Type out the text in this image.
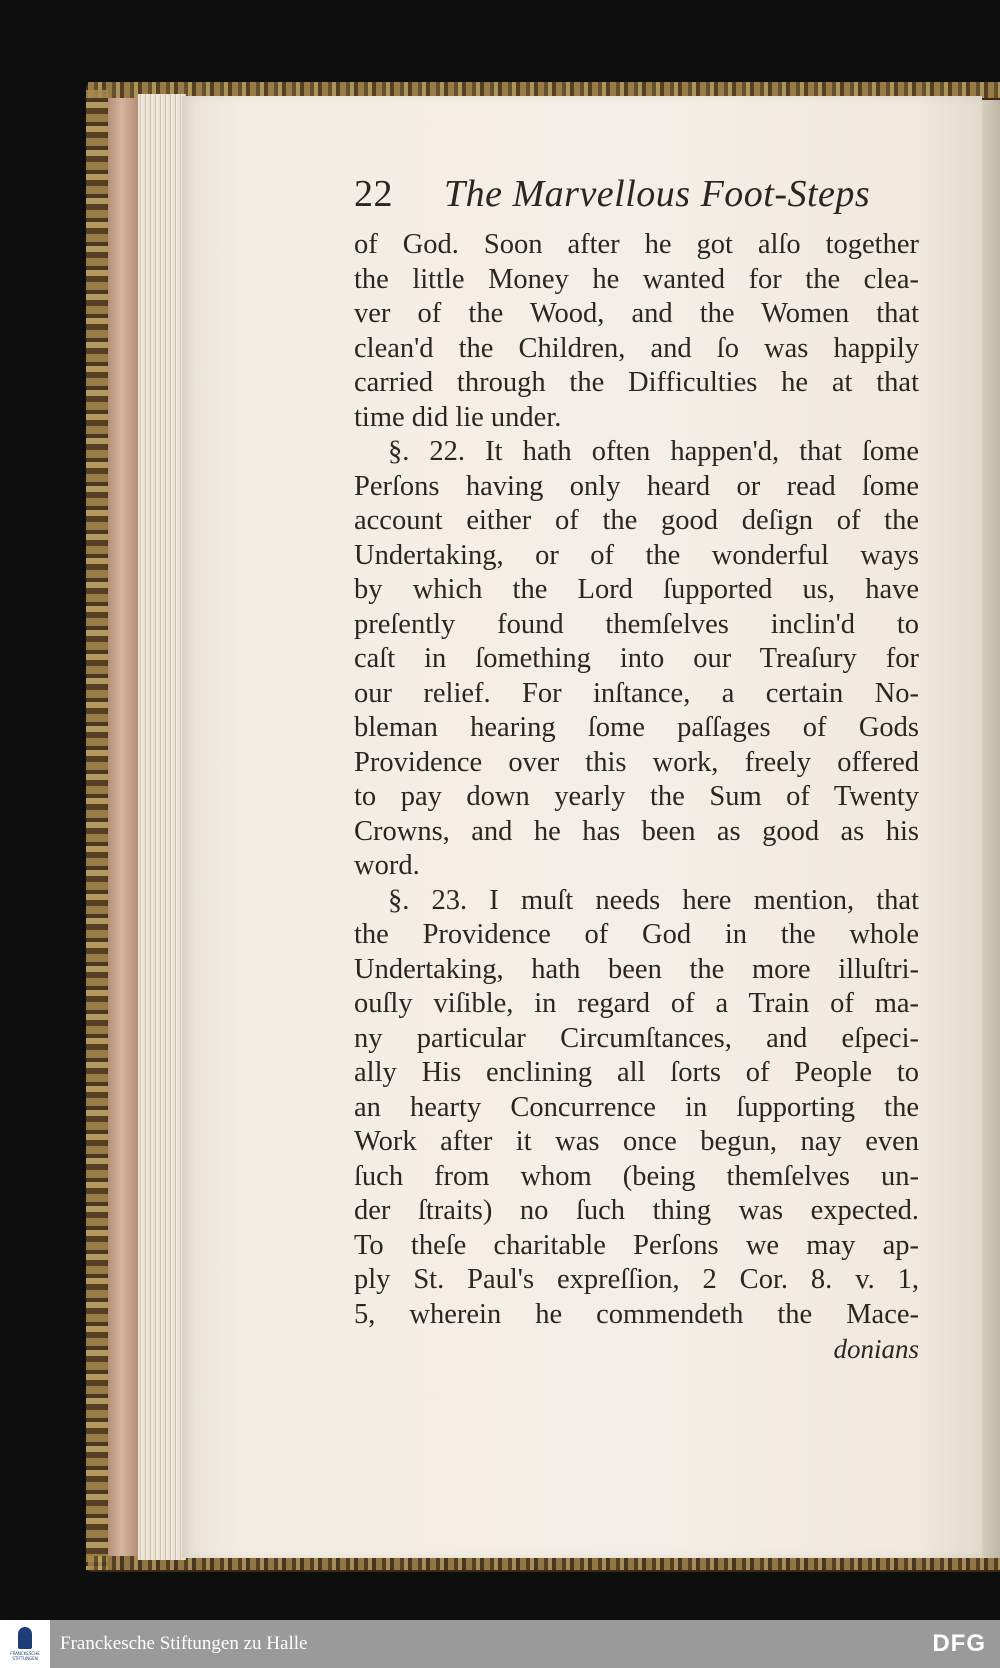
22	The Marvellous Foot-Steps
of God. Soon after he got alſo together
the little Money he wanted for the clea-
ver of the Wood, and the Women that
clean'd the Children, and ſo was happily
carried through the Difficulties he at that
time did lie under.
§. 22. It hath often happen'd, that ſome
Perſons having only heard or read ſome
account either of the good deſign of the
Undertaking, or of the wonderful ways
by which the Lord ſupported us, have
preſently found themſelves inclin'd to
caſt in ſomething into our Treaſury for
our relief. For inſtance, a certain No-
bleman hearing ſome paſſages of Gods
Providence over this work, freely offered
to pay down yearly the Sum of Twenty
Crowns, and he has been as good as his
word.
§. 23. I muſt needs here mention, that
the Providence of God in the whole
Undertaking, hath been the more illuſtri-
ouſly viſible, in regard of a Train of ma-
ny particular Circumſtances, and eſpeci-
ally His enclining all ſorts of People to
an hearty Concurrence in ſupporting the
Work after it was once begun, nay even
ſuch from whom (being themſelves un-
der ſtraits) no ſuch thing was expected.
To theſe charitable Perſons we may ap-
ply St. Paul's expreſſion, 2 Cor. 8. v. 1,
5, wherein he commendeth the Mace-
donians
FRANCKESCHE
STIFTUNGEN
Franckesche Stiftungen zu Halle	DFG
